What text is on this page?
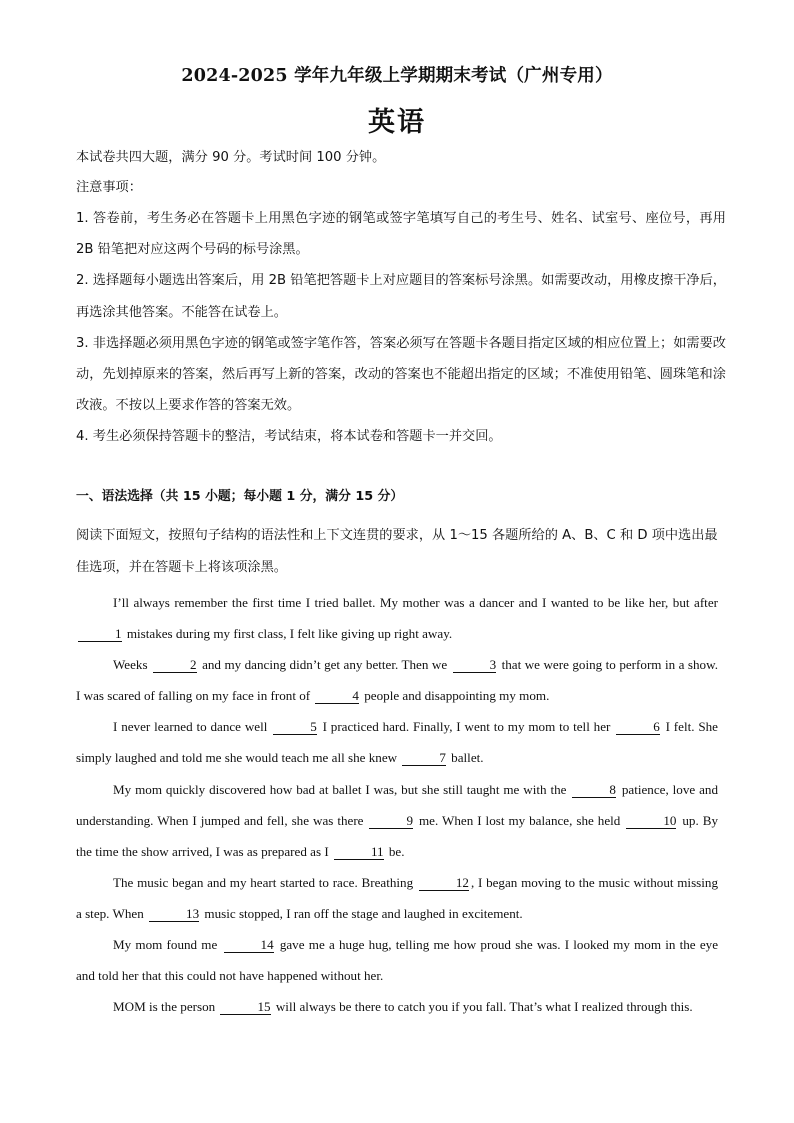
2024-2025 学年九年级上学期期末考试（广州专用）
英语
本试卷共四大题，满分 90 分。考试时间 100 分钟。
注意事项：
1. 答卷前，考生务必在答题卡上用黑色字迹的钢笔或签字笔填写自己的考生号、姓名、试室号、座位号，再用 2B 铅笔把对应这两个号码的标号涂黑。
2. 选择题每小题选出答案后，用 2B 铅笔把答题卡上对应题目的答案标号涂黑。如需要改动，用橡皮擦干净后，再选涂其他答案。不能答在试卷上。
3. 非选择题必须用黑色字迹的钢笔或签字笔作答，答案必须写在答题卡各题目指定区域的相应位置上；如需要改动，先划掉原来的答案，然后再写上新的答案，改动的答案也不能超出指定的区域；不准使用铅笔、圆珠笔和涂改液。不按以上要求作答的答案无效。
4. 考生必须保持答题卡的整洁，考试结束，将本试卷和答题卡一并交回。
一、语法选择（共 15 小题；每小题 1 分，满分 15 分）
阅读下面短文，按照句子结构的语法性和上下文连贯的要求，从 1～15 各题所给的 A、B、C 和 D 项中选出最佳选项，并在答题卡上将该项涂黑。

I’ll always remember the first time I tried ballet. My mother was a dancer and I wanted to be like her, but after 1 mistakes during my first class, I felt like giving up right away.

Weeks	2 and my dancing didn’t get any better. Then we	3 that we were going to perform in a show. I was scared of falling on my face in front of	4 people and disappointing my mom.

I never learned to dance well	5 I practiced hard. Finally, I went to my mom to tell her	6 I felt. She simply laughed and told me she would teach me all she knew	7 ballet.

My mom quickly discovered how bad at ballet I was, but she still taught me with the	8 patience, love and understanding. When I jumped and fell, she was there	9 me. When I lost my balance, she held	10 up. By the time the show arrived, I was as prepared as I	11 be.

The music began and my heart started to race. Breathing	12 , I began moving to the music without missing a step. When	13 music stopped, I ran off the stage and laughed in excitement.

My mom found me	14 gave me a huge hug, telling me how proud she was. I looked my mom in the eye and told her that this could not have happened without her.

MOM is the person	15 will always be there to catch you if you fall. That’s what I realized through this.
